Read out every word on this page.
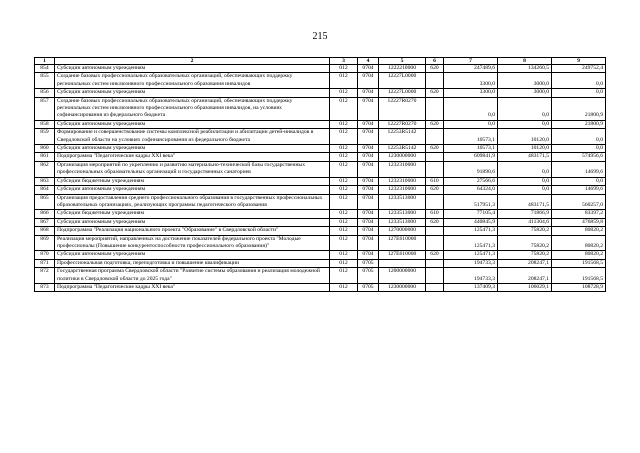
215
1	2	3	4	5	6	7	8	9
854	Субсидии автономным учреждениям	012	0704	1222210000	620	247489,6	134260,5	249752,4
855	Создание базовых профессиональных образовательных организаций, обеспечивающих поддержку региональных систем инклюзивного профессионального образования инвалидов	012	0704	12227L0000		3300,0	3000,0	0,0
856	Субсидии автономным учреждениям	012	0704	12227L0000	620	3300,0	3000,0	0,0
857	Создание базовых профессиональных образовательных организаций, обеспечивающих поддержку региональных систем инклюзивного профессионального образования инвалидов, на условиях софинансирования из федерального бюджета	012	0704	12227R0270		0,0	0,0	21800,9
858	Субсидии автономным учреждениям	012	0704	12227R0270	620	0,0	0,0	21800,9
859	Формирование и совершенствование системы комплексной реабилитации и абилитации детей-инвалидов в Свердловской области на условиях софинансирования из федерального бюджета	012	0704	12253R5142		10573,1	10120,0	0,0
860	Субсидии автономным учреждениям	012	0704	12253R5142	620	10573,1	10120,0	0,0
861	Подпрограмма "Педагогические кадры XXI века"	012	0704	1230000000		609841,9	483171,5	574956,6
862	Организация мероприятий по укреплению и развитию материально-технической базы государственных профессиональных образовательных организаций и государственных санаториев	012	0704	1232310000		91890,6	0,0	14699,6
863	Субсидии бюджетным учреждениям	012	0704	1232310000	610	27566,6	0,0	0,0
864	Субсидии автономным учреждениям	012	0704	1232310000	620	64324,0	0,0	14699,6
865	Организация предоставления среднего профессионального образования в государственных профессиональных образовательных организациях, реализующих программы педагогического образования	012	0704	1233513000		517951,3	483171,5	560257,0
866	Субсидии бюджетным учреждениям	012	0704	1233513000	610	77105,4	71866,9	83397,2
867	Субсидии автономным учреждениям	012	0704	1233513000	620	440845,9	411304,6	476859,8
868	Подпрограмма "Реализация национального проекта "Образование" в Свердловской области"	012	0704	1270000000		125471,3	75820,2	80820,2
869	Реализация мероприятий, направленных на достижение показателей федерального проекта "Молодые профессионалы (Повышение конкурентоспособности профессионального образования)"	012	0704	127E610000		125471,3	75820,2	80820,2
870	Субсидии автономным учреждениям	012	0704	127E610000	620	125471,3	75820,2	80820,2
871	Профессиональная подготовка, переподготовка и повышение квалификации	012	0705			194733,3	208247,1	191568,5
872	Государственная программа Свердловской области "Развитие системы образования и реализация молодежной политики в Свердловской области до 2025 года"	012	0705	1200000000		194733,3	208247,1	191568,5
873	Подпрограмма "Педагогические кадры XXI века"	012	0705	1230000000		137409,3	106029,1	108728,9
